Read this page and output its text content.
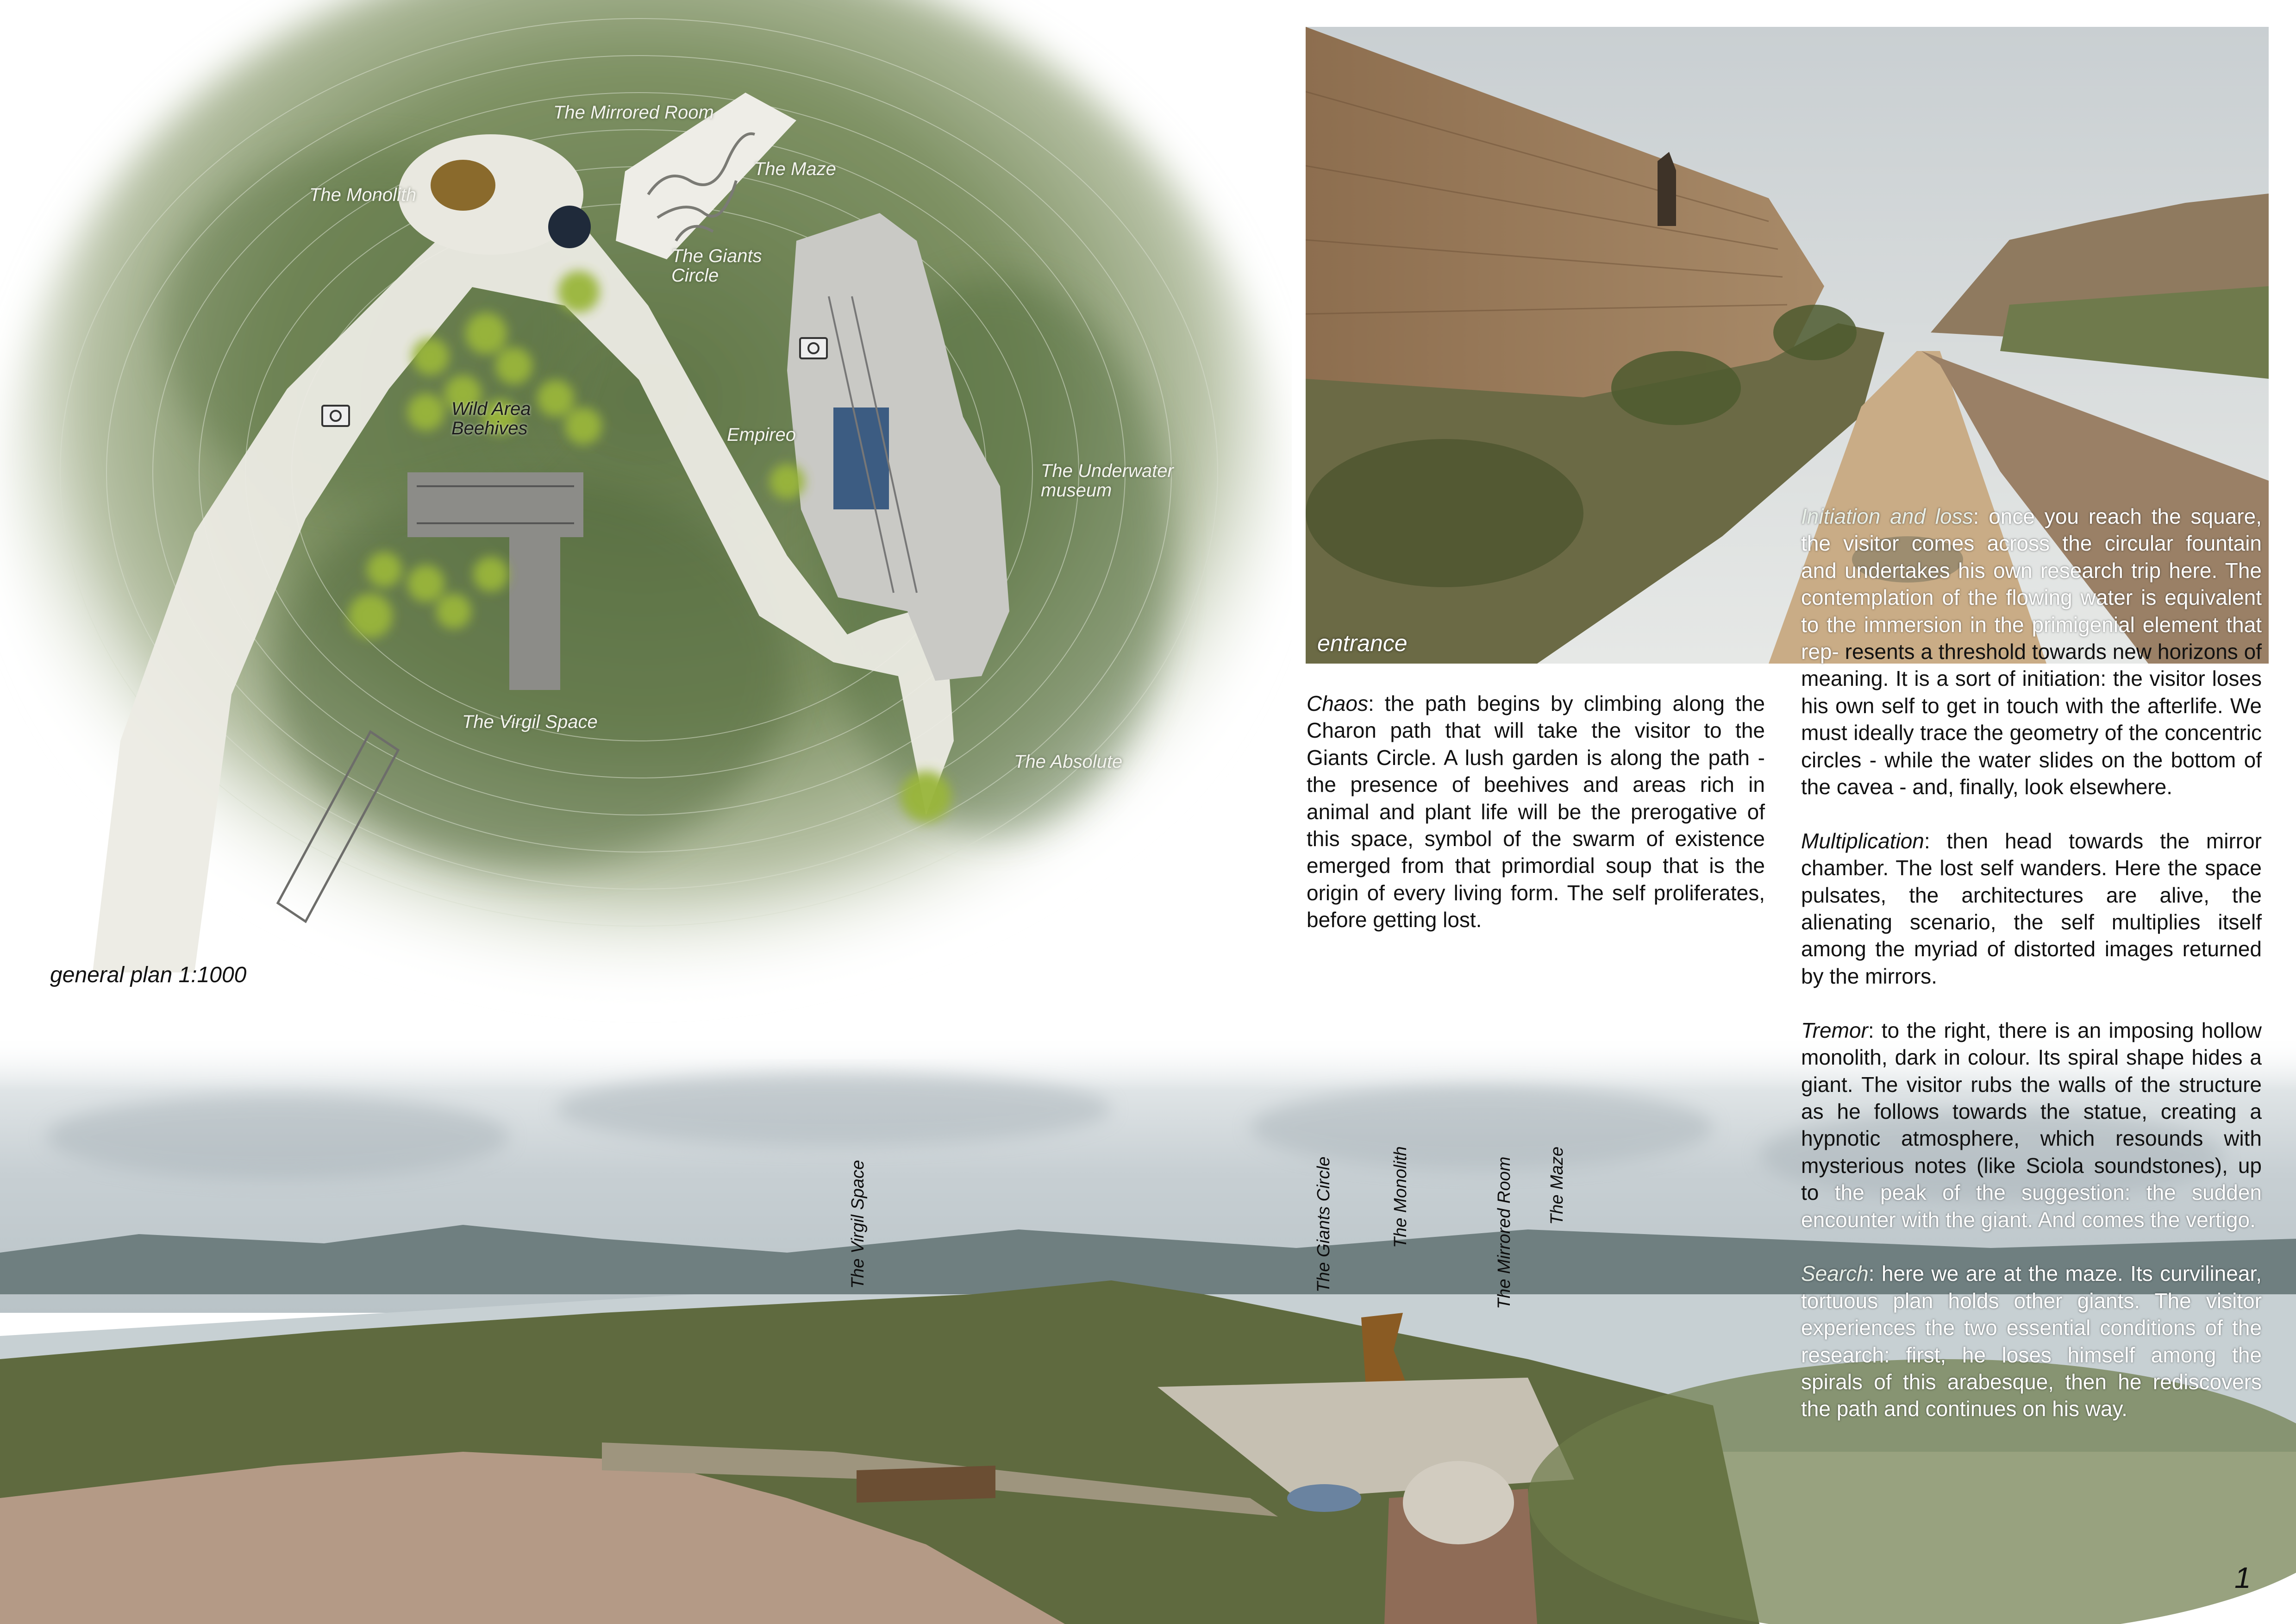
The Mirrored Room
The Maze
The Monolith
The Giants Circle
Wild Area Beehives	Empireo
The Underwater museum
The Virgil Space
The Absolute
general plan 1:1000
entrance

Chaos: the path begins by climbing along the Charon path that will take the visitor to the Giants Circle. A lush garden is along the path - the presence of beehives and areas rich in animal and plant life will be the prerogative of this space, symbol of the swarm of existence emerged from that primordial soup that is the origin of every living form. The self proliferates, before getting lost.

The Virgil Space	The Giants Circle	The Monolith	The Mirrored Room The Maze

Initiation and loss: once you reach the square, the visitor comes across the circular fountain and undertakes his own research trip here. The contemplation of the flowing water is equivalent to the immersion in the primigenial element that rep- resents a threshold towards new horizons of meaning. It is a sort of initiation: the visitor loses his own self to get in touch with the afterlife. We must ideally trace the geometry of the concentric circles - while the water slides on the bottom of the cavea - and, finally, look elsewhere.

Multiplication: then head towards the mirror chamber. The lost self wanders. Here the space pulsates, the architectures are alive, the alienating scenario, the self multiplies itself among the myriad of distorted images returned by the mirrors.

Tremor: to the right, there is an imposing hollow monolith, dark in colour. Its spiral shape hides a giant. The visitor rubs the walls of the structure as he follows towards the statue, creating a hypnotic atmosphere, which resounds with mysterious notes (like Sciola soundstones), up to the peak of the suggestion: the sudden encounter with the giant. And comes the vertigo.

Search: here we are at the maze. Its curvilinear, tortuous plan holds other giants. The visitor experiences the two essential conditions of the research: first, he loses himself among the spirals of this arabesque, then he rediscovers the path and continues on his way.

1
